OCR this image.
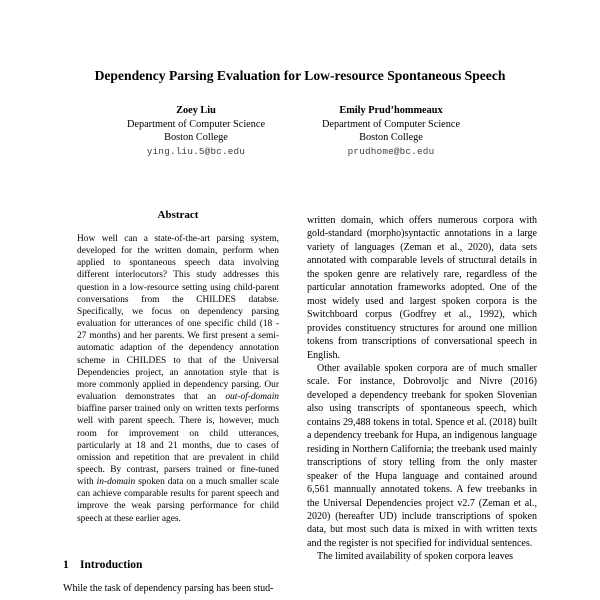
Dependency Parsing Evaluation for Low-resource Spontaneous Speech
Zoey Liu
Department of Computer Science
Boston College
ying.liu.5@bc.edu
Emily Prud’hommeaux
Department of Computer Science
Boston College
prudhome@bc.edu
Abstract

How well can a state-of-the-art parsing system, developed for the written domain, perform when applied to spontaneous speech data involving different interlocutors? This study addresses this question in a low-resource setting using child-parent conversations from the CHILDES databse. Specifically, we focus on dependency parsing evaluation for utterances of one specific child (18 - 27 months) and her parents. We first present a semi-automatic adaption of the dependency annotation scheme in CHILDES to that of the Universal Dependencies project, an annotation style that is more commonly applied in dependency parsing. Our evaluation demonstrates that an out-of-domain biaffine parser trained only on written texts performs well with parent speech. There is, however, much room for improvement on child utterances, particularly at 18 and 21 months, due to cases of omission and repetition that are prevalent in child speech. By contrast, parsers trained or fine-tuned with in-domain spoken data on a much smaller scale can achieve comparable results for parent speech and improve the weak parsing performance for child speech at these earlier ages.

1 Introduction

While the task of dependency parsing has been stud-

written domain, which offers numerous corpora with gold-standard (morpho)syntactic annotations in a large variety of languages (Zeman et al., 2020), data sets annotated with comparable levels of structural details in the spoken genre are relatively rare, regardless of the particular annotation frameworks adopted. One of the most widely used and largest spoken corpora is the Switchboard corpus (Godfrey et al., 1992), which provides constituency structures for around one million tokens from transcriptions of conversational speech in English.

Other available spoken corpora are of much smaller scale. For instance, Dobrovoljc and Nivre (2016) developed a dependency treebank for spoken Slovenian also using transcripts of spontaneous speech, which contains 29,488 tokens in total. Spence et al. (2018) built a dependency treebank for Hupa, an indigenous language residing in Northern California; the treebank used mainly transcriptions of story telling from the only master speaker of the Hupa language and contained around 6,561 mannually annotated tokens. A few treebanks in the Universal Dependencies project v2.7 (Zeman et al., 2020) (hereafter UD) include transcriptions of spoken data, but most such data is mixed in with written texts and the register is not specified for individual sentences.

The limited availability of spoken corpora leaves
